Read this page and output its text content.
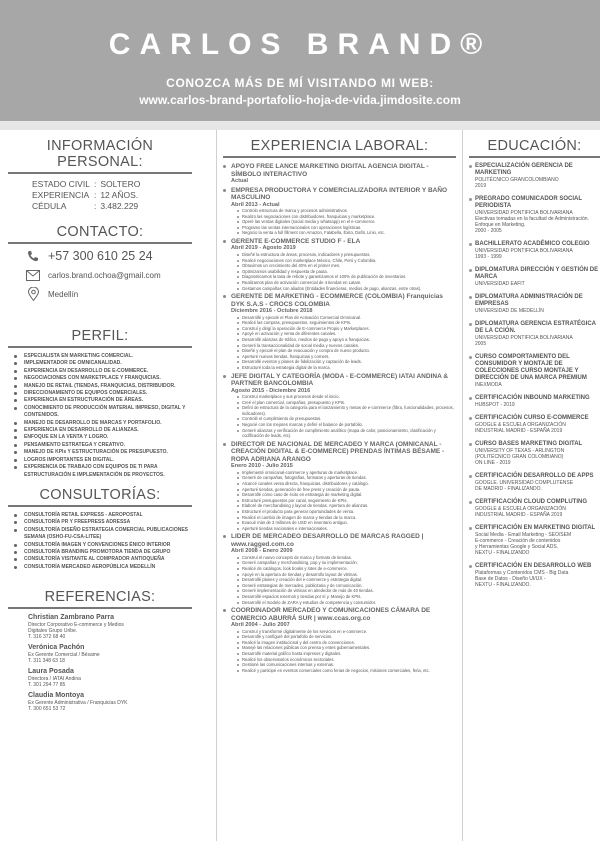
CARLOS BRAND®
CONOZCA MÁS DE MÍ VISITANDO MI WEB:
www.carlos-brand-portafolio-hoja-de-vida.jimdosite.com
INFORMACIÓN PERSONAL:
ESTADO CIVIL	:	SOLTERO
EXPERIENCIA	:	12 AÑOS.
CÉDULA	:	3.482.229
CONTACTO:
+57 300 610 25 24
carlos.brand.ochoa@gmail.com
Medellín
PERFIL:
ESPECIALISTA EN MARKETING COMERCIAL.
IMPLEMENTADOR DE OMNICANALIDAD.
EXPERIENCIA EN DESARROLLO DE E-COMMERCE.
NEGOCIACIONES CON MARKETPLACE Y FRANQUICIAS.
MANEJO DE RETAIL (TIENDAS, FRANQUICIAS, DISTRIBUIDOR.
DIRECCIONAMIENTO DE EQUIPOS COMERCIALES.
EXPERIENCIA EN ESTRUCTURACIÓN DE ÁREAS.
CONOCIMIENTO DE PRODUCCIÓN MATERIAL IMPRESO, DIGITAL Y CONTENIDOS.
MANEJO DE DESARROLLO DE MARCAS Y PORTAFOLIO.
EXPERIENCIA EN DESARROLLO DE ALIANZAS.
ENFOQUE EN LA VENTA Y LOGRO.
PENSAMIENTO ESTRATEGA Y CREATIVO.
MANEJO DE KPIs Y ESTRUCTURACIÓN DE PRESUPUESTO.
LOGROS IMPORTANTES EN DIGITAL.
EXPERIENCIA DE TRABAJO CON EQUIPOS DE TI PARA ESTRUCTURACIÓN E IMPLEMENTACIÓN DE PROYECTOS.
CONSULTORÍAS:
CONSULTORÍA RETAIL EXPRESS - AEROPOSTAL
CONSULTORÍA PR Y FREEPRESS ADRESSA
CONSULTORÍA DISEÑO ESTRATEGIA COMERCIAL PUBLICACIONES SEMANA (OSHO-FU-CSA-LITEE)
CONSULTORÍA IMAGEN Y CONVENCIONES ÉNICO INTERIOR
CONSULTORÍA BRANDING PROMOTORA TIENDA DE GRUPO
CONSULTORÍA VISITANTE AL COMPRADOR ANTIOQUEÑA
CONSULTORÍA MERCADEO AEROPÚBLICA MEDELLÍN
REFERENCIAS:
Christian Zambrano Parra
Director Corporativo E-commerce y Medios
Digitales Grupo Uribe.
T. 316 372 68 40
Verónica Pachón
Ex Gerente Comercial / Bésame
T. 311 348 63 18
Laura Posada
Directora / IATAI Andina
T. 301 294 77 85
Claudia Montoya
Ex Gerente Administrativa / Franquicias DYK
T. 300 651 53 72
EXPERIENCIA LABORAL:
APOYO FREE LANCE MARKETING DIGITAL AGENCIA DIGITAL - SÍMBOLO INTERACTIVO
Actual
EMPRESA PRODUCTORA Y COMERCIALIZADORA INTERIOR Y BAÑO MASCULINO
Abril 2013 - Actual
Controlo estructura de marca y procesos administrativos.
Realizo las negociaciones con distribuidores, franquicias y marketplace.
Operé las ventas digitales (social media y whatsapp) en el e-commerce.
Programo las ventas internacionales con operaciones logísticas.
Negocio la venta a full fillment con Amazon, Falabella, Éxito, Dafiti, Linio, etc.
GERENTE E-COMMERCE STUDIO F - ELA
Abril 2019 - Agosto 2019
Diseñé la estructura de áreas, procesos, indicadores y presupuestos.
Realicé negociaciones con marketplace México, Chile, Perú y Colombia.
Obtuvimos un crecimiento del 40% en el primer mes.
Optimizamos usabilidad y respuesta de pauta.
Diagnosticamos la tasa de rebote y garantizamos el 100% de publicación de inventarios.
Realizamos plan de activación comercial de 4 tiendas en Latam.
Gestamos campañas con aliados (Entidades financieras, medios de pago, alianzas, entre otras).
GERENTE DE MARKETING - ECOMMERCE (COLOMBIA) Franquicias DYK S.A.S - CROCS COLOMBIA
Diciembre 2016 - Octubre 2018
Desarrollé y ejecuté el Plan de Activación Comercial Omnicanal.
Realicé las compras, presupuestos, seguimientos de KPIs.
Construí y dirigí la operación de E-commerce Propio y Marketplaces.
Apoyé en activación y venta de diferentes canales.
Desarrollé alianzas de tráfico, medios de pago y apoyo a franquicias.
Generé la transaccionalidad de social media y nuevos canales.
Diseñé y ejecuté el plan de evacuación y compra de nuevo producto.
Aperturé nuevas tiendas, franquicias y corners.
Desarrollé eventos y planes de fidelización y captación de leads.
Estructuré toda la estrategia digital de la marca.
JEFE DIGITAL Y CATEGORÍA (MODA - E-COMMERCE) IATAI ANDINA & PARTNER BANCOLOMBIA
Agosto 2015 - Diciembre 2016
Construí marketplace y sus procesos desde el inicio.
Creé el plan comercial, campañas, presupuesto y KPIs.
Definí de estructura de la categoría para el lanzamiento y metas de e-commerce (fibra, funcionalidades, procesos, indicadores).
Controlé el cumplimiento de presupuestos.
Negocié con los mejores marcas y definí el balance de portafolio.
Generé alianzas y verificación de cumplimiento analítico (mapa de calor, posicionamiento, clasificación y codificación de leads, etc).
DIRECTOR DE NACIONAL DE MERCADEO Y MARCA (OMNICANAL - CREACIÓN DIGITAL & E-COMMERCE) PRENDAS ÍNTIMAS BÉSAME - ROPA ADRIANA ARANGO
Enero 2010 - Julio 2015
Implementé omnicanal-commerce y aperturas de marketplace.
Generé de campañas, fotografías, formatos y aperturas de tiendas.
Alcancé canales venta directa, franquicias, distribuidores y catálogo.
Aperturé tiendas, generación de free press y creación de pauta.
Desarrollé cómo caso de éxito en estrategia de marketing digital.
Estructuré presupuestos por canal, seguimiento de KPIs.
Elaboré de merchandising y layout de tiendas. Apertura de alianzas.
Estructuré el producto para generar oportunidades de venta.
Realicé el cambio de imagen de marca y tiendas de la marca.
Evacué más de 3 millones de USD en inventario antiguo.
Aperturé tiendas nacionales e internacionales.
LIDER DE MERCADEO DESARROLLO DE MARCAS RAGGED | www.ragged.com.co
Abril 2008 - Enero 2009
Construí el nuevo concepto de marca y formato de tiendas.
Generé campañas y merchandising, pop y su implementación.
Realicé de catálogos, look books y lotes de e-commerce.
Apoyé en la apertura de tiendas y desarrollo layout de vitrinas.
Desarrollé planes y creación del e-commerce y estrategia digital.
Generé estrategias de mercadeo, publicitaria y de comunicación.
Generé implementación de vitrinas en alrededor de más de 40 tiendas.
Desarrollé espacios externos y tiendas por sí y. Manejo de KPIs.
Desarrollé el modelo de ZARA y estudios de competencia y consumidor.
COORDINADOR MERCADEO Y COMUNICACIONES CÁMARA DE COMERCIO ABURRÁ SUR | www.ccas.org.co
Abril 2004 - Julio 2007
Construí y transformé digitalmente de los servicios en e-commerce.
Desarrollé y configuré del portafolio de servicios.
Realicé la imagen institucional y del centro de convenciones.
Manejé las relaciones públicas con prensa y entes gubernamentales.
Desarrollé material gráfico hasta impresos y digitales.
Realicé los observatorios económicos sectoriales.
Gestioné las comunicaciones internas y externas.
Realicé y participé en eventos comerciales como ferias de negocios, misiones comerciales, feria, etc.
EDUCACIÓN:
ESPECIALIZACIÓN GERENCIA DE MARKETING
POLITÉCNICO GRANCOLOMBIANO
2019
PREGRADO COMUNICADOR SOCIAL PERIODISTA
UNIVERSIDAD PONTIFICIA BOLIVARIANA
Electivas tomadas en la facultad de Administración. Enfoque en Marketing.
2000 - 2005
BACHILLERATO ACADÉMICO COLEGIO
UNIVERSIDAD PONTIFICIA BOLIVARIANA
1993 - 1999
DIPLOMATURA DIRECCIÓN Y GESTIÓN DE MARCA
UNIVERSIDAD EAFIT
DIPLOMATURA ADMINISTRACIÓN DE EMPRESAS
UNIVERSIDAD DE MEDELLÍN
DIPLOMATURA GERENCIA ESTRATÉGICA DE LA CCIÓN.
UNIVERSIDAD PONTIFICIA BOLIVARIANA
2005
CURSO COMPORTAMIENTO DEL CONSUMIDOR Y MONTAJE DE COLECCIONES CURSO MONTAJE Y DIRECCIÓN DE UNA MARCA PREMIUM
INEXMODA
CERTIFICACIÓN INBOUND MARKETING
HUBSPOT - 2019
CERTIFICACIÓN CURSO E-COMMERCE
GOOGLE & ESCUELA ORGANIZACIÓN
INDUSTRIAL MADRID - ESPAÑA 2019
CURSO BASES MARKETING DIGITAL
UNIVERSITY OF TEXAS - ARLINGTON
(POLITÉCNICO GRAN COLOMBIANO)
ON LINE - 2019
CERTIFICACIÓN DESARROLLO DE APPS
GOOGLE. UNIVERSIDAD COMPLUTENSE
DE MADRID - FINALIZANDO.
CERTIFICACIÓN CLOUD COMPLUTING
GOOGLE & ESCUELA ORGANIZACIÓN
INDUSTRIAL MADRID - ESPAÑA 2019
CERTIFICACIÓN EN MARKETING DIGITAL
Social Media - Email Marketing - SEO/SEM
E-commerce - Creación de contenidos
y Herramientas Google y Social ADS.
NEXTU - FINALIZANDO
CERTIFICACIÓN EN DESARROLLO WEB
Plataformas y Contenidos CMS - Big Data
Base de Datos - Diseño UI/UX -
NEXTU - FINALIZANDO.
